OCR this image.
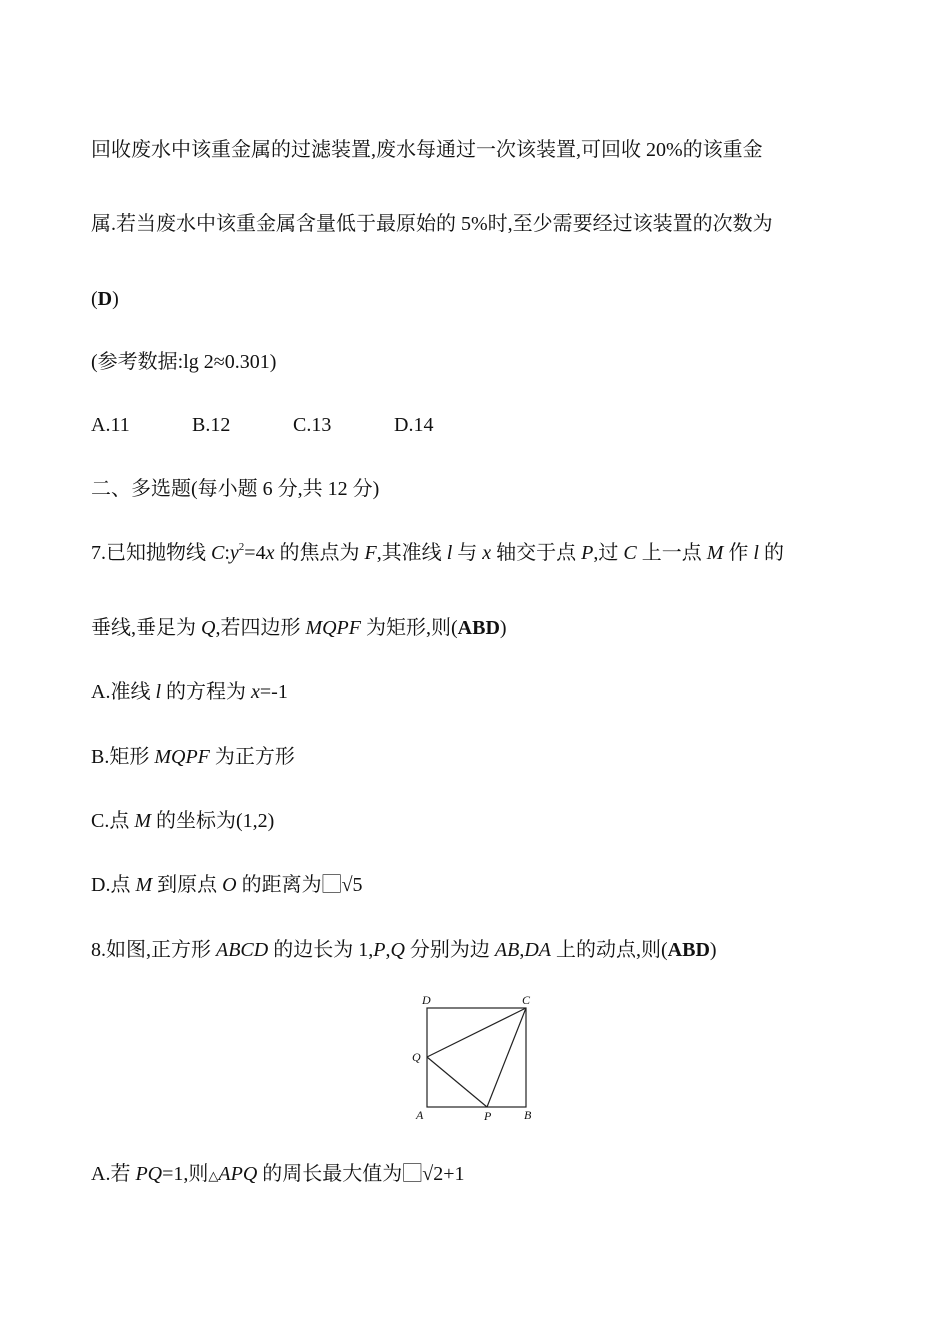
回收废水中该重金属的过滤装置,废水每通过一次该装置,可回收 20%的该重金
属.若当废水中该重金属含量低于最原始的 5%时,至少需要经过该装置的次数为
(D)
(参考数据:lg 2≈0.301)
A.11	B.12	C.13	D.14
二、多选题(每小题 6 分,共 12 分)
7.已知抛物线 $C:y^2=4x$ 的焦点为 F,其准线 l 与 x 轴交于点 P,过 C 上一点 M 作 l 的
垂线,垂足为 Q,若四边形 MQPF 为矩形,则(ABD)
A.准线 l 的方程为 x=-1
B.矩形 MQPF 为正方形
C.点 M 的坐标为(1,2)
D.点 M 到原点 O 的距离为⃞√5
8.如图,正方形 ABCD 的边长为 1,P,Q 分别为边 AB,DA 上的动点,则(ABD)
A.若 PQ=1,则△APQ 的周长最大值为⃞√2+1
D	C
Q
A	P	B
